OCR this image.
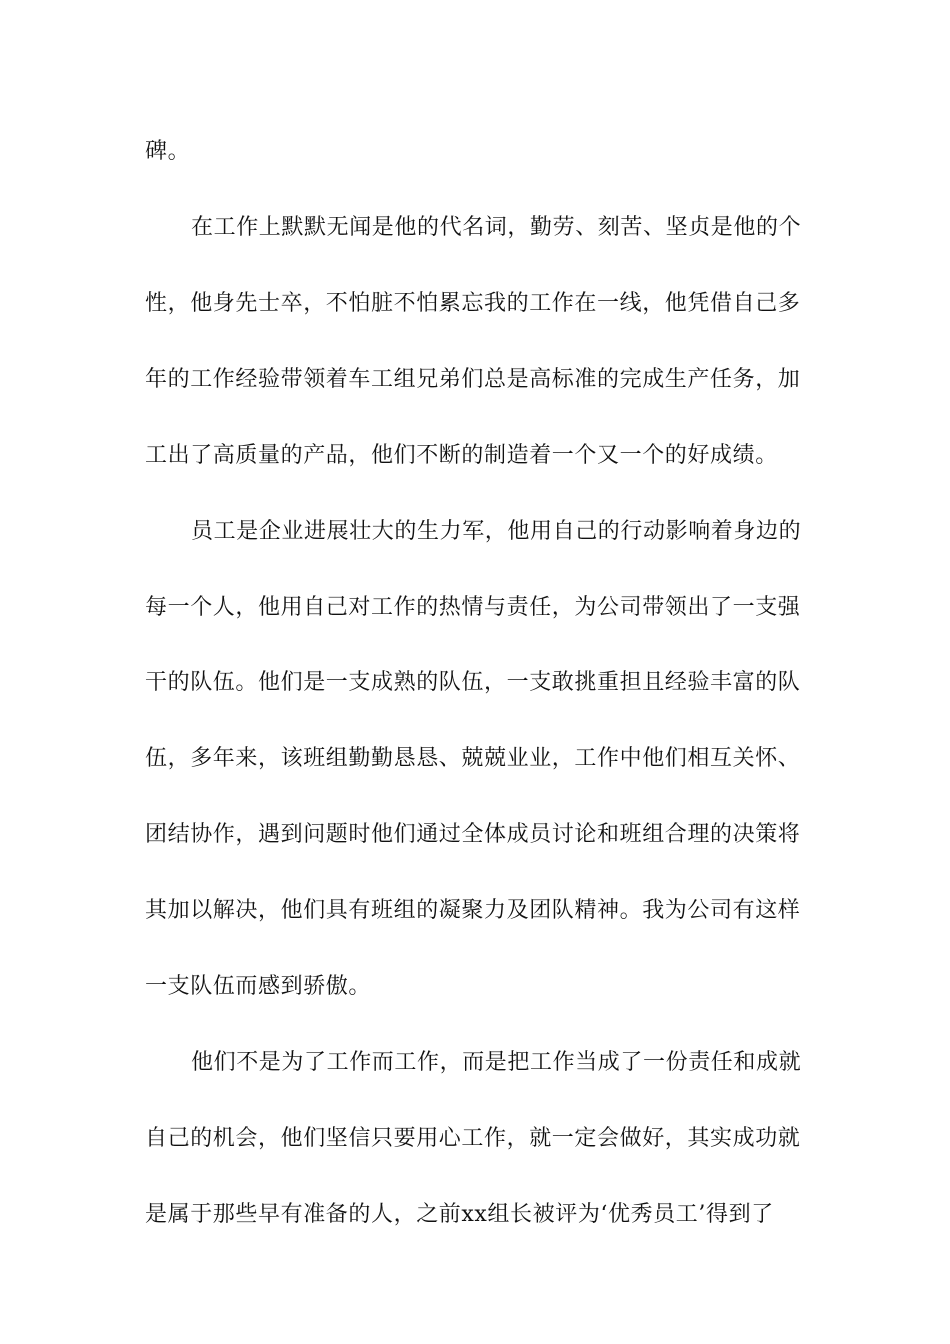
碑。
在工作上默默无闻是他的代名词，勤劳、刻苦、坚贞是他的个
性，他身先士卒，不怕脏不怕累忘我的工作在一线，他凭借自己多
年的工作经验带领着车工组兄弟们总是高标准的完成生产任务，加
工出了高质量的产品，他们不断的制造着一个又一个的好成绩。
员工是企业进展壮大的生力军，他用自己的行动影响着身边的
每一个人，他用自己对工作的热情与责任，为公司带领出了一支强
干的队伍。他们是一支成熟的队伍，一支敢挑重担且经验丰富的队
伍，多年来，该班组勤勤恳恳、兢兢业业，工作中他们相互关怀、
团结协作，遇到问题时他们通过全体成员讨论和班组合理的决策将
其加以解决，他们具有班组的凝聚力及团队精神。我为公司有这样
一支队伍而感到骄傲。
他们不是为了工作而工作，而是把工作当成了一份责任和成就
自己的机会，他们坚信只要用心工作，就一定会做好，其实成功就
是属于那些早有准备的人，之前xx组长被评为‘优秀员工’得到了
